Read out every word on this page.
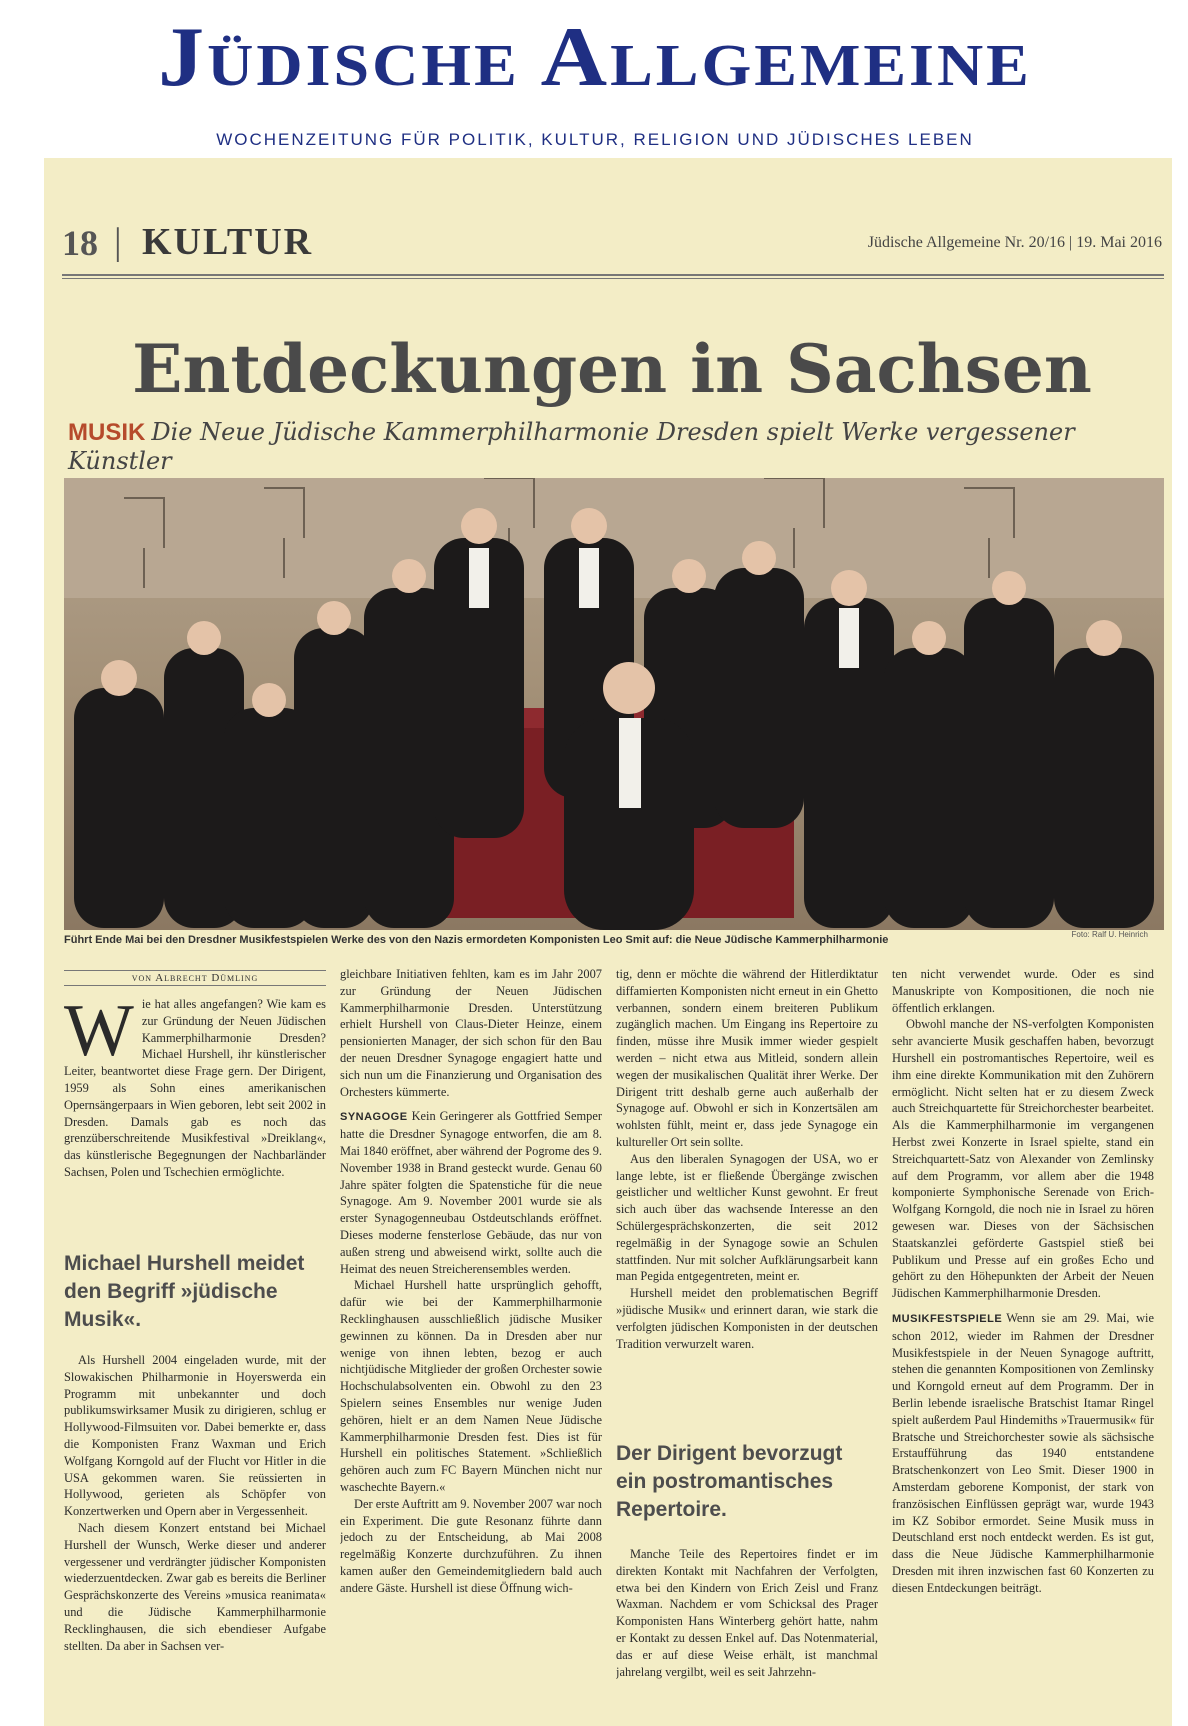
Jüdische Allgemeine
WOCHENZEITUNG FÜR POLITIK, KULTUR, RELIGION UND JÜDISCHES LEBEN
18 | KULTUR	Jüdische Allgemeine Nr. 20/16 | 19. Mai 2016
Entdeckungen in Sachsen
MUSIK Die Neue Jüdische Kammerphilharmonie Dresden spielt Werke vergessener Künstler
Führt Ende Mai bei den Dresdner Musikfestspielen Werke des von den Nazis ermordeten Komponisten Leo Smit auf: die Neue Jüdische Kammerphilharmonie	Foto: Ralf U. Heinrich
von Albrecht Dümling
W ie hat alles angefangen? Wie kam es zur Gründung der Neuen Jüdischen Kammerphilharmonie Dresden? Michael Hurshell, ihr künstlerischer Leiter, beantwortet diese Frage gern. Der Dirigent, 1959 als Sohn eines amerikanischen Opernsängerpaars in Wien geboren, lebt seit 2002 in Dresden. Damals gab es noch das grenzüberschreitende Musikfestival »Dreiklang«, das künstlerische Begegnungen der Nachbarländer Sachsen, Polen und Tschechien ermöglichte.

Michael Hurshell meidet den Begriff »jüdische Musik«.

Als Hurshell 2004 eingeladen wurde, mit der Slowakischen Philharmonie in Hoyerswerda ein Programm mit unbekannter und doch publikumswirksamer Musik zu dirigieren, schlug er Hollywood-Filmsuiten vor. Dabei bemerkte er, dass die Komponisten Franz Waxman und Erich Wolfgang Korngold auf der Flucht vor Hitler in die USA gekommen waren. Sie reüssierten in Hollywood, gerieten als Schöpfer von Konzertwerken und Opern aber in Vergessenheit.

Nach diesem Konzert entstand bei Michael Hurshell der Wunsch, Werke dieser und anderer vergessener und verdrängter jüdischer Komponisten wiederzuentdecken. Zwar gab es bereits die Berliner Gesprächskonzerte des Vereins »musica reanimata« und die Jüdische Kammerphilharmonie Recklinghausen, die sich ebendieser Aufgabe stellten. Da aber in Sachsen ver-

gleichbare Initiativen fehlten, kam es im Jahr 2007 zur Gründung der Neuen Jüdischen Kammerphilharmonie Dresden. Unterstützung erhielt Hurshell von Claus-Dieter Heinze, einem pensionierten Manager, der sich schon für den Bau der neuen Dresdner Synagoge engagiert hatte und sich nun um die Finanzierung und Organisation des Orchesters kümmerte.

SYNAGOGE Kein Geringerer als Gottfried Semper hatte die Dresdner Synagoge entworfen, die am 8. Mai 1840 eröffnet, aber während der Pogrome des 9. November 1938 in Brand gesteckt wurde. Genau 60 Jahre später folgten die Spatenstiche für die neue Synagoge. Am 9. November 2001 wurde sie als erster Synagogenneubau Ostdeutschlands eröffnet. Dieses moderne fensterlose Gebäude, das nur von außen streng und abweisend wirkt, sollte auch die Heimat des neuen Streicherensembles werden.

Michael Hurshell hatte ursprünglich gehofft, dafür wie bei der Kammerphilharmonie Recklinghausen ausschließlich jüdische Musiker gewinnen zu können. Da in Dresden aber nur wenige von ihnen lebten, bezog er auch nichtjüdische Mitglieder der großen Orchester sowie Hochschulabsolventen ein. Obwohl zu den 23 Spielern seines Ensembles nur wenige Juden gehören, hielt er an dem Namen Neue Jüdische Kammerphilharmonie Dresden fest. Dies ist für Hurshell ein politisches Statement. »Schließlich gehören auch zum FC Bayern München nicht nur waschechte Bayern.«

Der erste Auftritt am 9. November 2007 war noch ein Experiment. Die gute Resonanz führte dann jedoch zu der Entscheidung, ab Mai 2008 regelmäßig Konzerte durchzuführen. Zu ihnen kamen außer den Gemeindemitgliedern bald auch andere Gäste. Hurshell ist diese Öffnung wich-

tig, denn er möchte die während der Hitlerdiktatur diffamierten Komponisten nicht erneut in ein Ghetto verbannen, sondern einem breiteren Publikum zugänglich machen. Um Eingang ins Repertoire zu finden, müsse ihre Musik immer wieder gespielt werden – nicht etwa aus Mitleid, sondern allein wegen der musikalischen Qualität ihrer Werke. Der Dirigent tritt deshalb gerne auch außerhalb der Synagoge auf. Obwohl er sich in Konzertsälen am wohlsten fühlt, meint er, dass jede Synagoge ein kultureller Ort sein sollte.

Aus den liberalen Synagogen der USA, wo er lange lebte, ist er fließende Übergänge zwischen geistlicher und weltlicher Kunst gewohnt. Er freut sich auch über das wachsende Interesse an den Schülergesprächskonzerten, die seit 2012 regelmäßig in der Synagoge sowie an Schulen stattfinden. Nur mit solcher Aufklärungsarbeit kann man Pegida entgegentreten, meint er.

Hurshell meidet den problematischen Begriff »jüdische Musik« und erinnert daran, wie stark die verfolgten jüdischen Komponisten in der deutschen Tradition verwurzelt waren.

Der Dirigent bevorzugt ein postromantisches Repertoire.

Manche Teile des Repertoires findet er im direkten Kontakt mit Nachfahren der Verfolgten, etwa bei den Kindern von Erich Zeisl und Franz Waxman. Nachdem er vom Schicksal des Prager Komponisten Hans Winterberg gehört hatte, nahm er Kontakt zu dessen Enkel auf. Das Notenmaterial, das er auf diese Weise erhält, ist manchmal jahrelang vergilbt, weil es seit Jahrzehn-

ten nicht verwendet wurde. Oder es sind Manuskripte von Kompositionen, die noch nie öffentlich erklangen.

Obwohl manche der NS-verfolgten Komponisten sehr avancierte Musik geschaffen haben, bevorzugt Hurshell ein postromantisches Repertoire, weil es ihm eine direkte Kommunikation mit den Zuhörern ermöglicht. Nicht selten hat er zu diesem Zweck auch Streichquartette für Streichorchester bearbeitet. Als die Kammerphilharmonie im vergangenen Herbst zwei Konzerte in Israel spielte, stand ein Streichquartett-Satz von Alexander von Zemlinsky auf dem Programm, vor allem aber die 1948 komponierte Symphonische Serenade von Erich-Wolfgang Korngold, die noch nie in Israel zu hören gewesen war. Dieses von der Sächsischen Staatskanzlei geförderte Gastspiel stieß bei Publikum und Presse auf ein großes Echo und gehört zu den Höhepunkten der Arbeit der Neuen Jüdischen Kammerphilharmonie Dresden.

MUSIKFESTSPIELE Wenn sie am 29. Mai, wie schon 2012, wieder im Rahmen der Dresdner Musikfestspiele in der Neuen Synagoge auftritt, stehen die genannten Kompositionen von Zemlinsky und Korngold erneut auf dem Programm. Der in Berlin lebende israelische Bratschist Itamar Ringel spielt außerdem Paul Hindemiths »Trauermusik« für Bratsche und Streichorchester sowie als sächsische Erstaufführung das 1940 entstandene Bratschenkonzert von Leo Smit. Dieser 1900 in Amsterdam geborene Komponist, der stark von französischen Einflüssen geprägt war, wurde 1943 im KZ Sobibor ermordet. Seine Musik muss in Deutschland erst noch entdeckt werden. Es ist gut, dass die Neue Jüdische Kammerphilharmonie Dresden mit ihren inzwischen fast 60 Konzerten zu diesen Entdeckungen beiträgt.
